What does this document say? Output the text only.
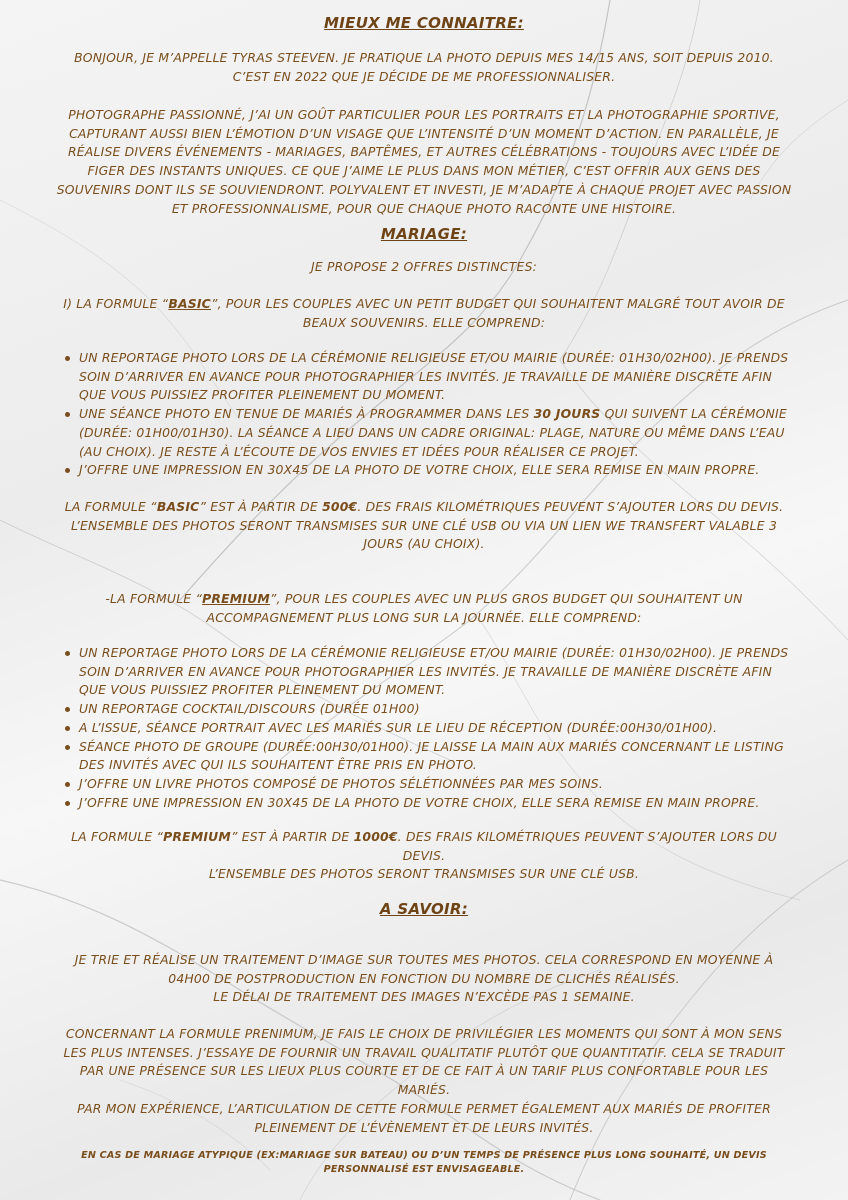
MIEUX ME CONNAITRE:

BONJOUR, JE M’APPELLE TYRAS STEEVEN. JE PRATIQUE LA PHOTO DEPUIS MES 14/15 ANS, SOIT DEPUIS 2010. C’EST EN 2022 QUE JE DÉCIDE DE ME PROFESSIONNALISER.

PHOTOGRAPHE PASSIONNÉ, J’AI UN GOÛT PARTICULIER POUR LES PORTRAITS ET LA PHOTOGRAPHIE SPORTIVE, CAPTURANT AUSSI BIEN L’ÉMOTION D’UN VISAGE QUE L’INTENSITÉ D’UN MOMENT D’ACTION. EN PARALLÈLE, JE RÉALISE DIVERS ÉVÉNEMENTS - MARIAGES, BAPTÊMES, ET AUTRES CÉLÉBRATIONS - TOUJOURS AVEC L’IDÉE DE FIGER DES INSTANTS UNIQUES. CE QUE J’AIME LE PLUS DANS MON MÉTIER, C’EST OFFRIR AUX GENS DES SOUVENIRS DONT ILS SE SOUVIENDRONT. POLYVALENT ET INVESTI, JE M’ADAPTE À CHAQUE PROJET AVEC PASSION ET PROFESSIONNALISME, POUR QUE CHAQUE PHOTO RACONTE UNE HISTOIRE.

MARIAGE:

JE PROPOSE 2 OFFRES DISTINCTES:

I) LA FORMULE “BASIC”, POUR LES COUPLES AVEC UN PETIT BUDGET QUI SOUHAITENT MALGRÉ TOUT AVOIR DE BEAUX SOUVENIRS. ELLE COMPREND:

UN REPORTAGE PHOTO LORS DE LA CÉRÉMONIE RELIGIEUSE ET/OU MAIRIE (DURÉE: 01H30/02H00). JE PRENDS SOIN D’ARRIVER EN AVANCE POUR PHOTOGRAPHIER LES INVITÉS. JE TRAVAILLE DE MANIÈRE DISCRÈTE AFIN QUE VOUS PUISSIEZ PROFITER PLEINEMENT DU MOMENT.
UNE SÉANCE PHOTO EN TENUE DE MARIÉS À PROGRAMMER DANS LES 30 JOURS QUI SUIVENT LA CÉRÉMONIE (DURÉE: 01H00/01H30). LA SÉANCE A LIEU DANS UN CADRE ORIGINAL: PLAGE, NATURE OU MÊME DANS L’EAU (AU CHOIX). JE RESTE À L’ÉCOUTE DE VOS ENVIES ET IDÉES POUR RÉALISER CE PROJET.
J’OFFRE UNE IMPRESSION EN 30X45 DE LA PHOTO DE VOTRE CHOIX, ELLE SERA REMISE EN MAIN PROPRE.

LA FORMULE “BASIC” EST À PARTIR DE 500€. DES FRAIS KILOMÉTRIQUES PEUVENT S’AJOUTER LORS DU DEVIS. L’ENSEMBLE DES PHOTOS SERONT TRANSMISES SUR UNE CLÉ USB OU VIA UN LIEN WE TRANSFERT VALABLE 3 JOURS (AU CHOIX).

-LA FORMULE “PREMIUM”, POUR LES COUPLES AVEC UN PLUS GROS BUDGET QUI SOUHAITENT UN ACCOMPAGNEMENT PLUS LONG SUR LA JOURNÉE. ELLE COMPREND:

UN REPORTAGE PHOTO LORS DE LA CÉRÉMONIE RELIGIEUSE ET/OU MAIRIE (DURÉE: 01H30/02H00). JE PRENDS SOIN D’ARRIVER EN AVANCE POUR PHOTOGRAPHIER LES INVITÉS. JE TRAVAILLE DE MANIÈRE DISCRÈTE AFIN QUE VOUS PUISSIEZ PROFITER PLEINEMENT DU MOMENT.
UN REPORTAGE COCKTAIL/DISCOURS (DURÉE 01H00)
A L’ISSUE, SÉANCE PORTRAIT AVEC LES MARIÉS SUR LE LIEU DE RÉCEPTION (DURÉE:00H30/01H00).
SÉANCE PHOTO DE GROUPE (DURÉE:00H30/01H00). JE LAISSE LA MAIN AUX MARIÉS CONCERNANT LE LISTING DES INVITÉS AVEC QUI ILS SOUHAITENT ÊTRE PRIS EN PHOTO.
J’OFFRE UN LIVRE PHOTOS COMPOSÉ DE PHOTOS SÉLÉTIONNÉES PAR MES SOINS.
J’OFFRE UNE IMPRESSION EN 30X45 DE LA PHOTO DE VOTRE CHOIX, ELLE SERA REMISE EN MAIN PROPRE.

LA FORMULE “PREMIUM” EST À PARTIR DE 1000€. DES FRAIS KILOMÉTRIQUES PEUVENT S’AJOUTER LORS DU DEVIS.
L’ENSEMBLE DES PHOTOS SERONT TRANSMISES SUR UNE CLÉ USB.

A SAVOIR:

JE TRIE ET RÉALISE UN TRAITEMENT D’IMAGE SUR TOUTES MES PHOTOS. CELA CORRESPOND EN MOYENNE À 04H00 DE POSTPRODUCTION EN FONCTION DU NOMBRE DE CLICHÉS RÉALISÉS.
LE DÉLAI DE TRAITEMENT DES IMAGES N’EXCÈDE PAS 1 SEMAINE.

CONCERNANT LA FORMULE PRENIMUM, JE FAIS LE CHOIX DE PRIVILÉGIER LES MOMENTS QUI SONT À MON SENS LES PLUS INTENSES. J’ESSAYE DE FOURNIR UN TRAVAIL QUALITATIF PLUTÔT QUE QUANTITATIF. CELA SE TRADUIT PAR UNE PRÉSENCE SUR LES LIEUX PLUS COURTE ET DE CE FAIT À UN TARIF PLUS CONFORTABLE POUR LES MARIÉS.
PAR MON EXPÉRIENCE, L’ARTICULATION DE CETTE FORMULE PERMET ÉGALEMENT AUX MARIÉS DE PROFITER PLEINEMENT DE L’ÉVÈNEMENT ET DE LEURS INVITÉS.

EN CAS DE MARIAGE ATYPIQUE (EX:MARIAGE SUR BATEAU) OU D’UN TEMPS DE PRÉSENCE PLUS LONG SOUHAITÉ, UN DEVIS PERSONNALISÉ EST ENVISAGEABLE.
